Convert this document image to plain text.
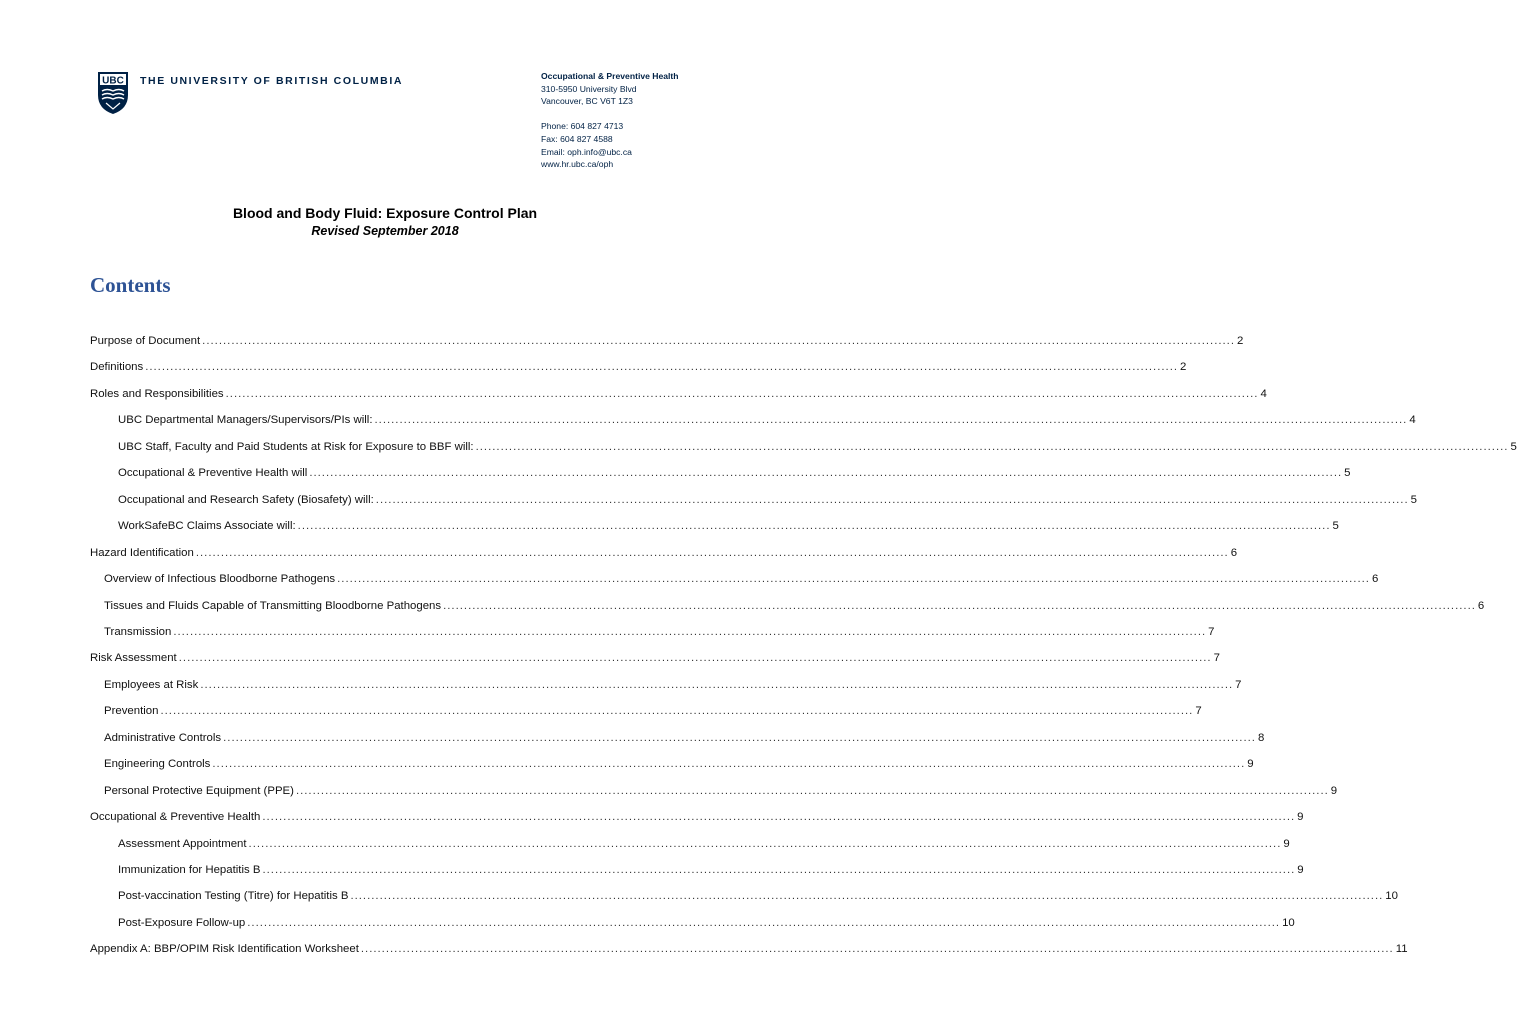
UBC THE UNIVERSITY OF BRITISH COLUMBIA	Occupational & Preventive Health
310-5950 University Blvd
Vancouver, BC V6T 1Z3
Phone: 604 827 4713
Fax: 604 827 4588
Email: oph.info@ubc.ca
www.hr.ubc.ca/oph
Blood and Body Fluid: Exposure Control Plan
Revised September 2018
Contents
Purpose of Document ........................................................................................................................................................................................................................................................ 2
Definitions ........................................................................................................................................................................................................................................................ 2
Roles and Responsibilities ........................................................................................................................................................................................................................................................ 4
UBC Departmental Managers/Supervisors/PIs will: ........................................................................................................................................................................................................................................................ 4
UBC Staff, Faculty and Paid Students at Risk for Exposure to BBF will: ........................................................................................................................................................................................................................................................ 5
Occupational & Preventive Health will ........................................................................................................................................................................................................................................................ 5
Occupational and Research Safety (Biosafety) will: ........................................................................................................................................................................................................................................................ 5
WorkSafeBC Claims Associate will: ........................................................................................................................................................................................................................................................ 5
Hazard Identification ........................................................................................................................................................................................................................................................ 6
Overview of Infectious Bloodborne Pathogens ........................................................................................................................................................................................................................................................ 6
Tissues and Fluids Capable of Transmitting Bloodborne Pathogens ........................................................................................................................................................................................................................................................ 6
Transmission ........................................................................................................................................................................................................................................................ 7
Risk Assessment ........................................................................................................................................................................................................................................................ 7
Employees at Risk ........................................................................................................................................................................................................................................................ 7
Prevention ........................................................................................................................................................................................................................................................ 7
Administrative Controls ........................................................................................................................................................................................................................................................ 8
Engineering Controls ........................................................................................................................................................................................................................................................ 9
Personal Protective Equipment (PPE) ........................................................................................................................................................................................................................................................ 9
Occupational & Preventive Health ........................................................................................................................................................................................................................................................ 9
Assessment Appointment ........................................................................................................................................................................................................................................................ 9
Immunization for Hepatitis B ........................................................................................................................................................................................................................................................ 9
Post-vaccination Testing (Titre) for Hepatitis B ........................................................................................................................................................................................................................................................ 10
Post-Exposure Follow-up ........................................................................................................................................................................................................................................................ 10
Appendix A: BBP/OPIM Risk Identification Worksheet ........................................................................................................................................................................................................................................................ 11
